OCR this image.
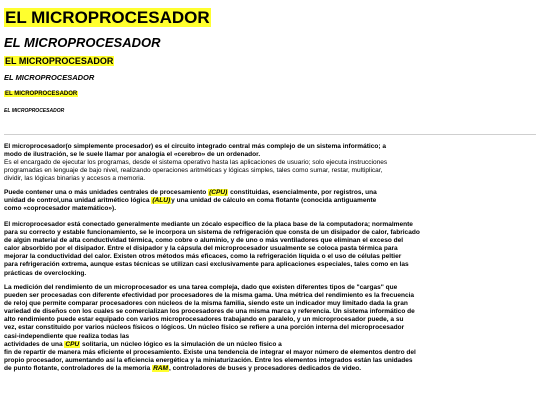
EL MICROPROCESADOR
EL MICROPROCESADOR
EL MICROPROCESADOR
EL MICROPROCESADOR
EL MICROPROCESADOR
EL MICROPROCESADOR

El microprocesador(o simplemente procesador) es el circuito integrado central más complejo de un sistema informático; a
modo de ilustración, se le suele llamar por analogía el «cerebro» de un ordenador.
Es el encargado de ejecutar los programas, desde el sistema operativo hasta las aplicaciones de usuario; solo ejecuta instrucciones
programadas en lenguaje de bajo nivel, realizando operaciones aritméticas y lógicas simples, tales como sumar, restar, multiplicar,
dividir, las lógicas binarias y accesos a memoria.

Puede contener una o más unidades centrales de procesamiento (CPU) constituidas, esencialmente, por registros, una
unidad de control,una unidad aritmético lógica (ALU)y una unidad de cálculo en coma flotante (conocida antiguamente
como «coprocesador matemático»).

El microprocesador está conectado generalmente mediante un zócalo específico de la placa base de la computadora; normalmente
para su correcto y estable funcionamiento, se le incorpora un sistema de refrigeración que consta de un disipador de calor, fabricado
de algún material de alta conductividad térmica, como cobre o aluminio, y de uno o más ventiladores que eliminan el exceso del
calor absorbido por el disipador. Entre el disipador y la cápsula del microprocesador usualmente se coloca pasta térmica para
mejorar la conductividad del calor. Existen otros métodos más eficaces, como la refrigeración líquida o el uso de células peltier
para refrigeración extrema, aunque estas técnicas se utilizan casi exclusivamente para aplicaciones especiales, tales como en las
prácticas de overclocking.

La medición del rendimiento de un microprocesador es una tarea compleja, dado que existen diferentes tipos de "cargas" que
pueden ser procesadas con diferente efectividad por procesadores de la misma gama. Una métrica del rendimiento es la frecuencia
de reloj que permite comparar procesadores con núcleos de la misma familia, siendo este un indicador muy limitado dada la gran
variedad de diseños con los cuales se comercializan los procesadores de una misma marca y referencia. Un sistema informático de
alto rendimiento puede estar equipado con varios microprocesadores trabajando en paralelo, y un microprocesador puede, a su
vez, estar constituido por varios núcleos físicos o lógicos. Un núcleo físico se refiere a una porción interna del microprocesador
casi-independiente que realiza todas las
actividades de una CPU solitaria, un núcleo lógico es la simulación de un núcleo físico a
fin de repartir de manera más eficiente el procesamiento. Existe una tendencia de integrar el mayor número de elementos dentro del
propio procesador, aumentando así la eficiencia energética y la miniaturización. Entre los elementos integrados están las unidades
de punto flotante, controladores de la memoria RAM, controladores de buses y procesadores dedicados de video.
